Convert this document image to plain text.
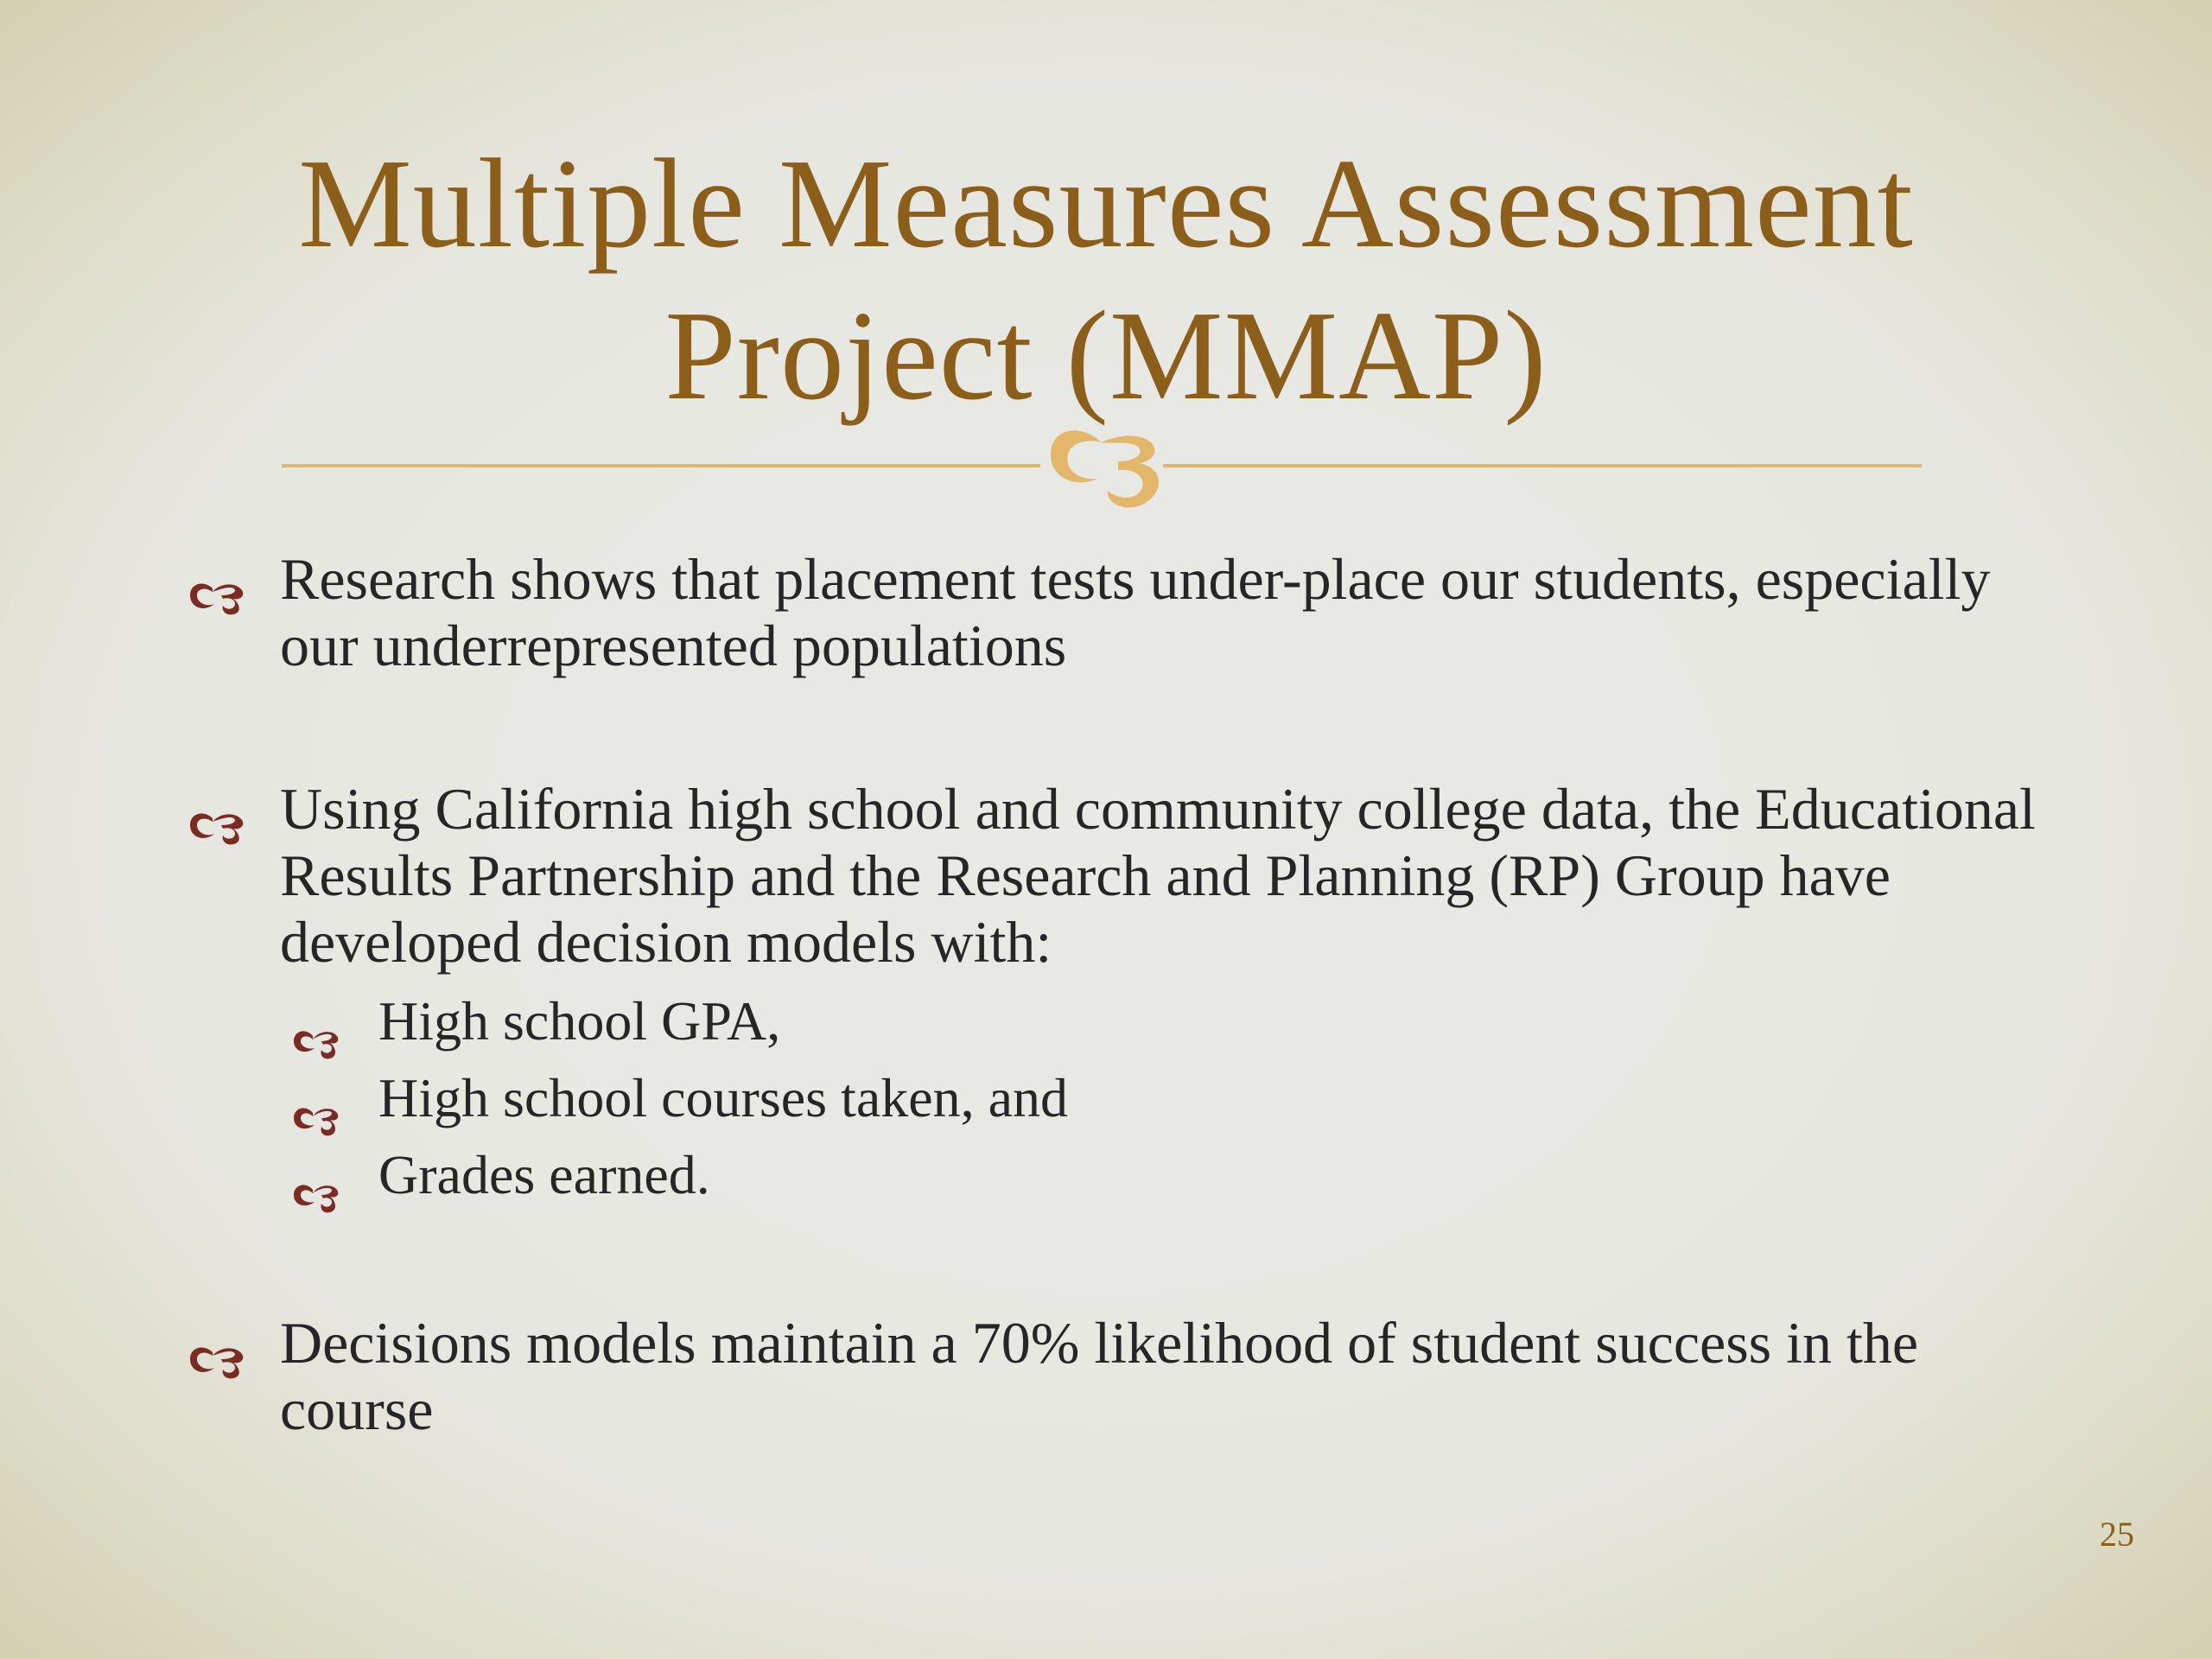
Multiple Measures Assessment
Project (MMAP)
Research shows that placement tests under-place our students, especially our underrepresented populations
Using California high school and community college data, the Educational Results Partnership and the Research and Planning (RP) Group have developed decision models with:
High school GPA,
High school courses taken, and
Grades earned.
Decisions models maintain a 70% likelihood of student success in the course
25
